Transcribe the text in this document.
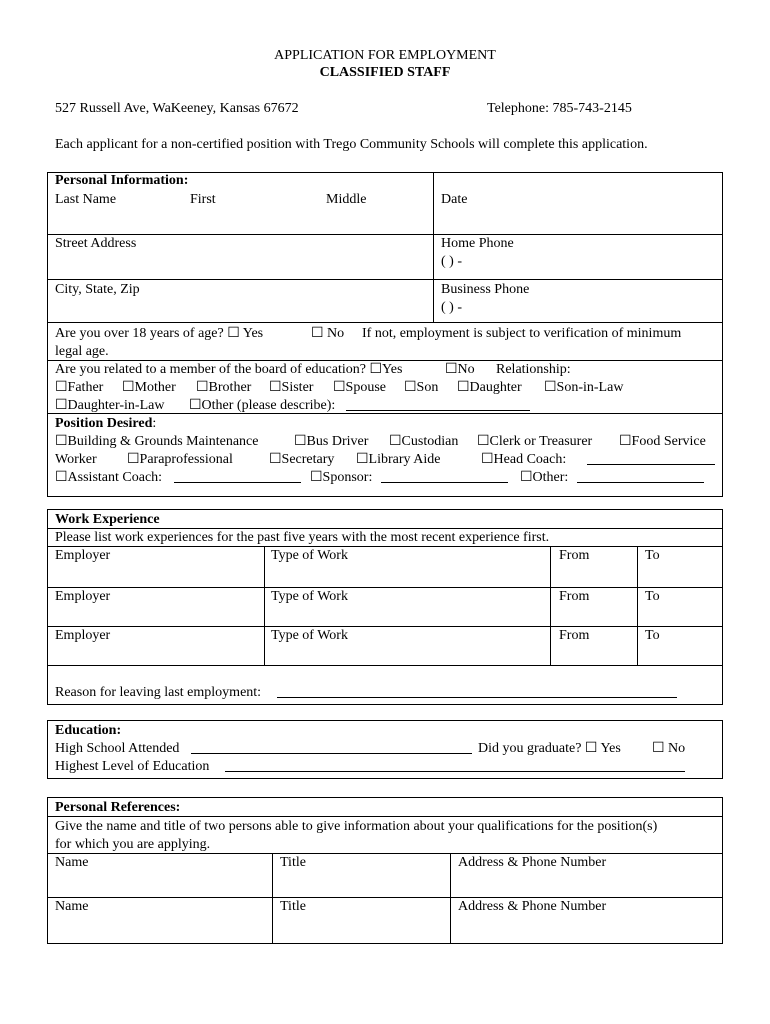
APPLICATION FOR EMPLOYMENT
CLASSIFIED STAFF
527 Russell Ave, WaKeeney, Kansas 67672	Telephone: 785-743-2145
Each applicant for a non-certified position with Trego Community Schools will complete this application.
Personal Information:
Last Name	First	Middle	Date
Street Address	Home Phone
( ) -
City, State, Zip	Business Phone
( ) -
Are you over 18 years of age? ☐ Yes	☐ No If not, employment is subject to verification of minimum
legal age.
Are you related to a member of the board of education? ☐Yes	☐No Relationship:
☐Father ☐Mother ☐Brother ☐Sister ☐Spouse ☐Son ☐Daughter ☐Son-in-Law
☐Daughter-in-Law ☐Other (please describe):
Position Desired:
☐Building & Grounds Maintenance	☐Bus Driver ☐Custodian ☐Clerk or Treasurer ☐Food Service
Worker ☐Paraprofessional	☐Secretary ☐Library Aide	☐Head Coach:
☐Assistant Coach:	☐Sponsor:	☐Other:
Work Experience
Please list work experiences for the past five years with the most recent experience first.
Employer	Type of Work	From	To
Employer	Type of Work	From	To
Employer	Type of Work	From	To
Reason for leaving last employment:
Education:
High School Attended	Did you graduate? ☐ Yes ☐ No
Highest Level of Education
Personal References:
Give the name and title of two persons able to give information about your qualifications for the position(s)
for which you are applying.
Name	Title	Address & Phone Number
Name	Title	Address & Phone Number
